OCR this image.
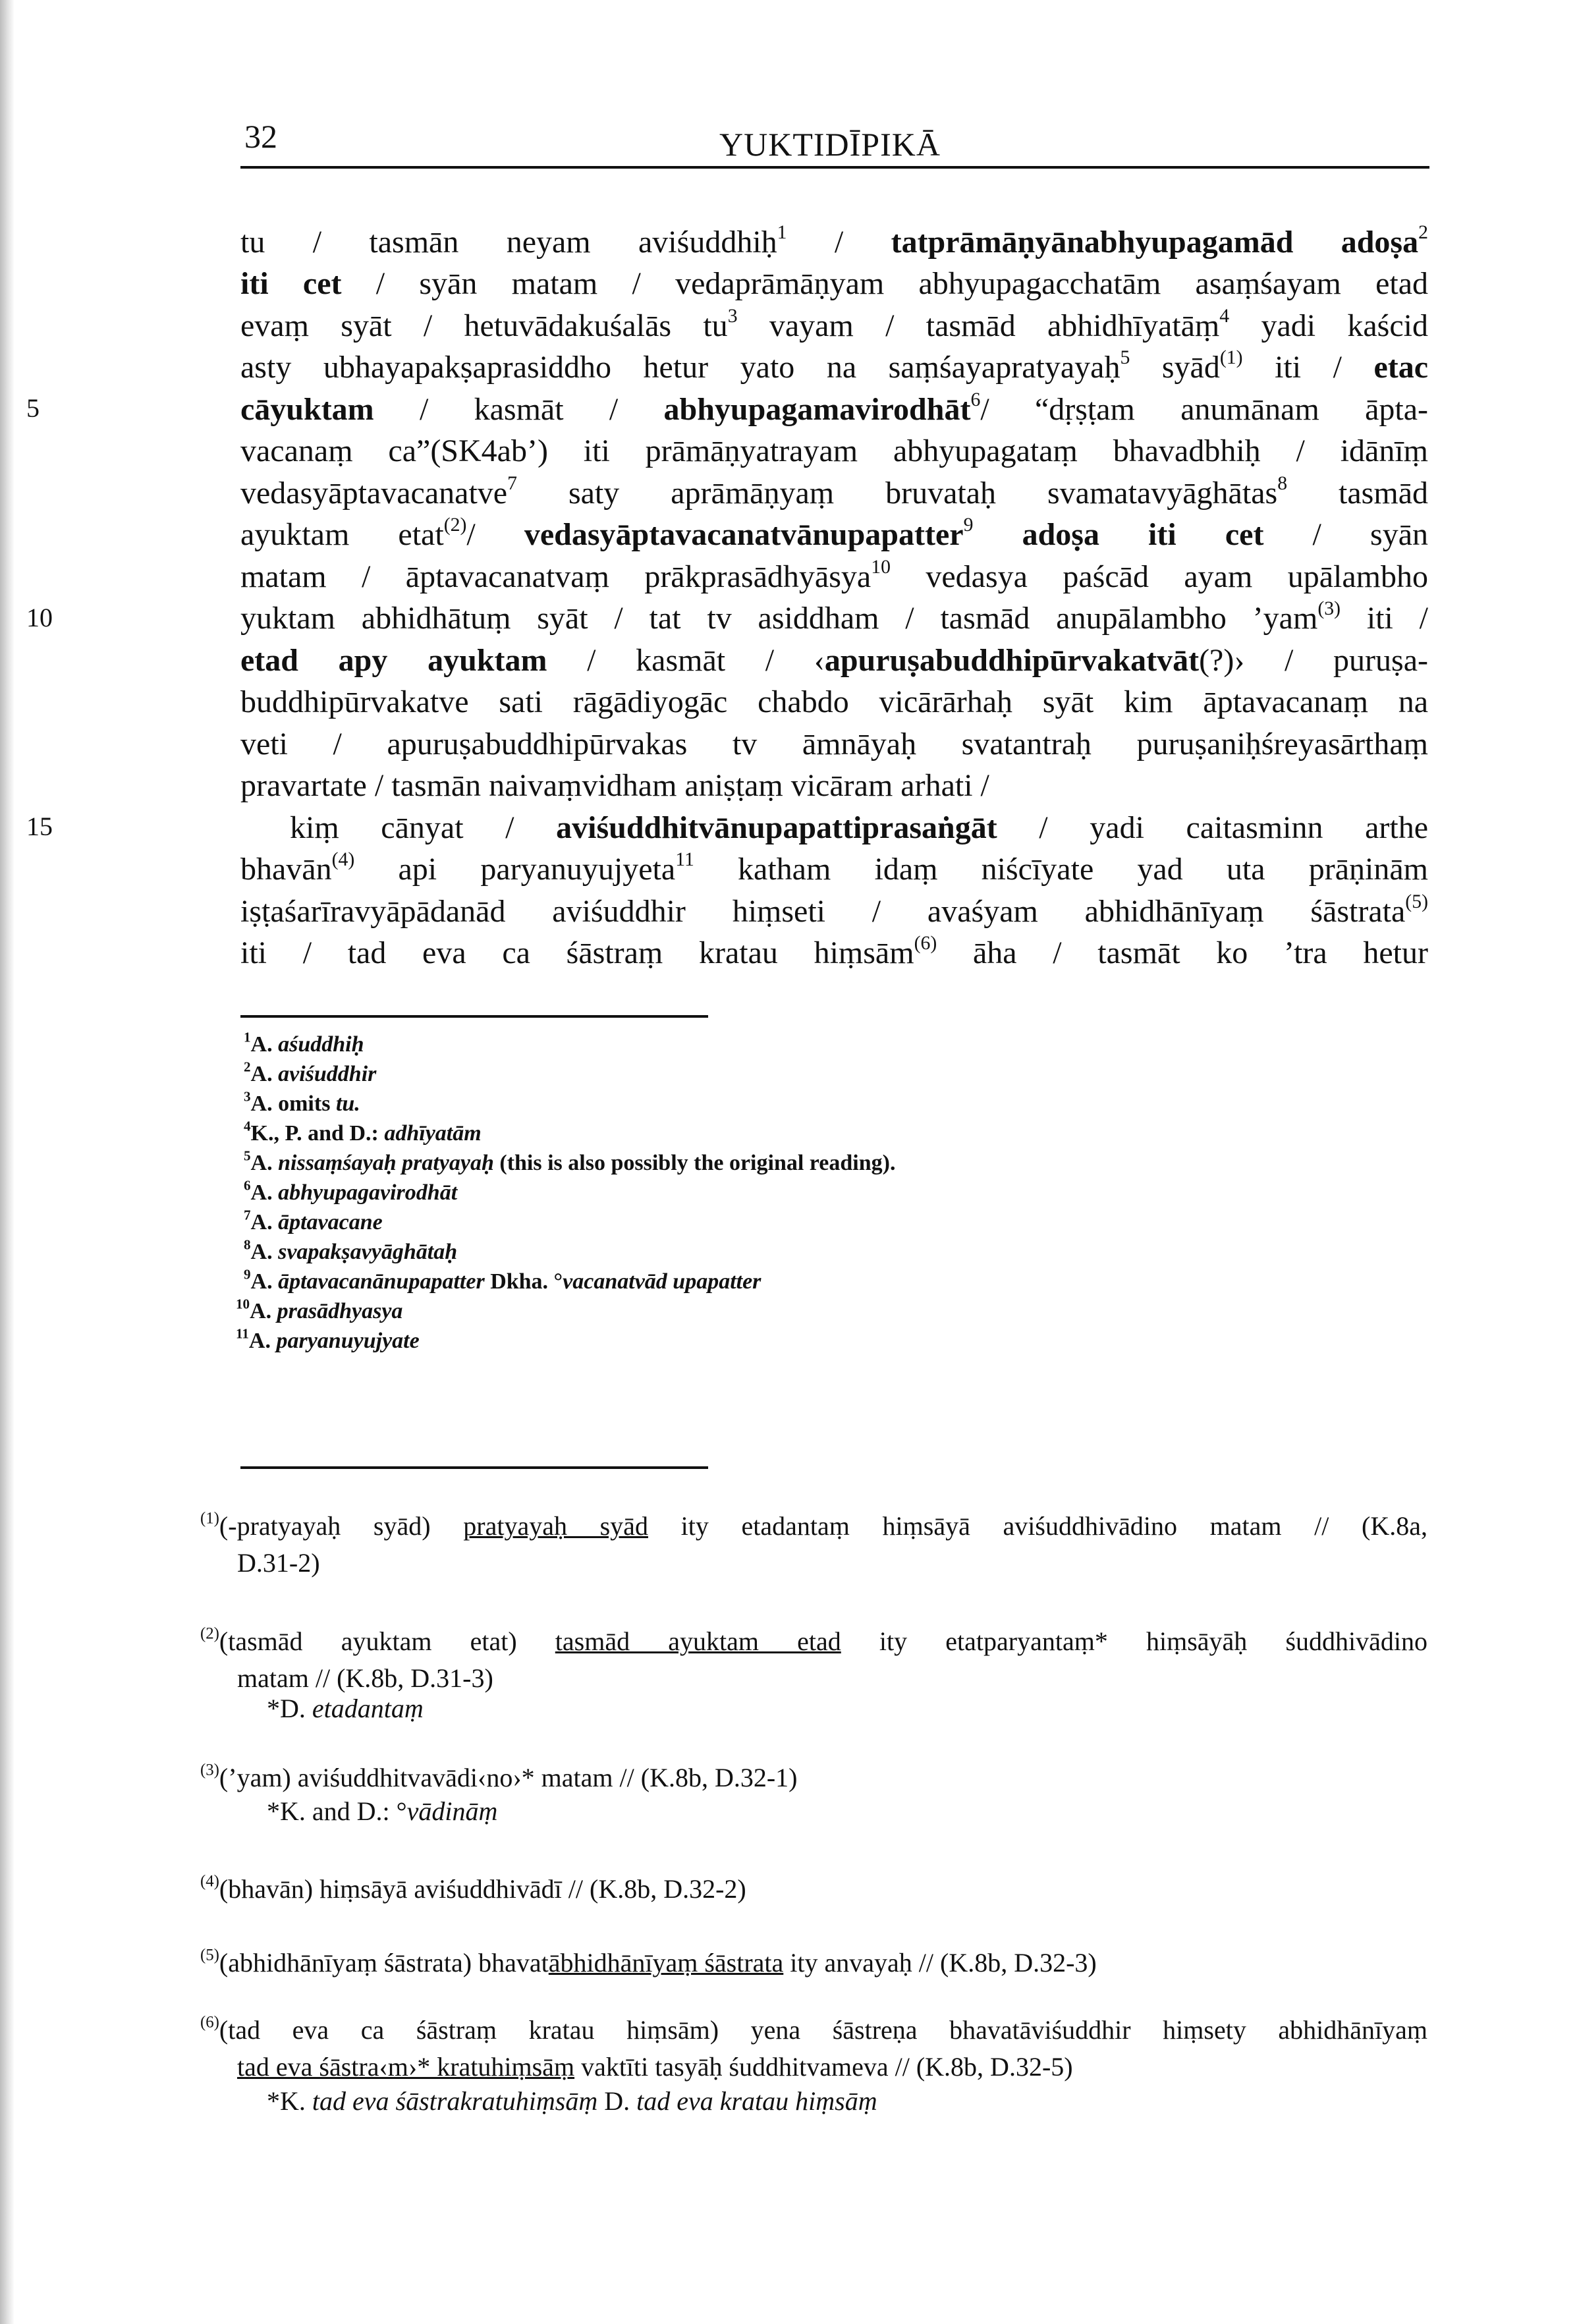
32	YUKTIDĪPIKĀ
5
10
15
tu / tasmān neyam aviśuddhiḥ$^1$ / tatprāmāṇyānabhyupagamād adoṣa$^2$
iti cet / syān matam / vedaprāmāṇyam abhyupagacchatām asaṃśayam etad
evaṃ syāt / hetuvādakuśalās $tu^3$ vayam / tasmād abhidhīyatāṃ$^4$ yadi kaścid
asty ubhayapakṣaprasiddho hetur yato na saṃśayapratyayaḥ$^5$ syād$^{(1)}$ iti / etac
cāyuktam / kasmāt / abhyupagamavirodhāt$^6$/ “dṛṣṭam anumānam āpta-
vacanaṃ ca”(SK4ab’) iti prāmāṇyatrayam abhyupagataṃ bhavadbhiḥ / idānīṃ
vedasyāptavacanatve$^7$ saty aprāmāṇyaṃ bruvataḥ svamatavyāghātas$^8$ tasmād
ayuktam etat$^{(2)}$/ vedasyāptavacanatvānupapatter$^9$ adoṣa iti cet / syān
matam / āptavacanatvaṃ prākprasādhyāsya$^{10}$ vedasya paścād ayam upālambho
yuktam abhidhātuṃ syāt / tat tv asiddham / tasmād anupālambho ’yam$^{(3)}$ iti /
etad apy ayuktam / kasmāt / ‹apuruṣabuddhipūrvakatvāt(?)› / puruṣa-
buddhipūrvakatve sati rāgādiyogāc chabdo vicārārhaḥ syāt kim āptavacanaṃ na
veti / apuruṣabuddhipūrvakas tv āmnāyaḥ svatantraḥ puruṣaniḥśreyasārthaṃ
pravartate / tasmān naivaṃvidham aniṣṭaṃ vicāram arhati /
kiṃ cānyat / aviśuddhitvānupapattiprasaṅgāt / yadi caitasminn arthe
bhavān$^{(4)}$ api paryanuyujyeta$^{11}$ katham idaṃ niścīyate yad uta prāṇinām
iṣṭaśarīravyāpādanād aviśuddhir hiṃseti / avaśyam abhidhānīyaṃ śāstrata$^{(5)}$
iti / tad eva ca śāstraṃ kratau hiṃsām$^{(6)}$ āha / tasmāt ko ’tra hetur
$^1$A. aśuddhiḥ
$^2$A. aviśuddhir
$^3$A. omits tu.
$^4$K., P. and D.: adhīyatām
$^5$A. nissaṃśayaḥ pratyayaḥ (this is also possibly the original reading).
$^6$A. abhyupagavirodhāt
$^7$A. āptavacane
$^8$A. svapakṣavyāghātaḥ
$^9$A. āptavacanānupapatter Dkha. °vacanatvād upapatter
$^{10}$A. prasādhyasya
$^{11}$A. paryanuyujyate
$^{(1)}$(-pratyayaḥ syād) pratyayaḥ syād ity etadantaṃ hiṃsāyā aviśuddhivādino matam // (K.8a,
D.31-2)
$^{(2)}$(tasmād ayuktam etat) tasmād ayuktam etad ity etatparyantaṃ* hiṃsāyāḥ śuddhivādino
matam // (K.8b, D.31-3)
*D. etadantaṃ
$^{(3)}$(’yam) aviśuddhitvavādi‹no›* matam // (K.8b, D.32-1)
*K. and D.: °vādināṃ
$^{(4)}$(bhavān) hiṃsāyā aviśuddhivādī // (K.8b, D.32-2)
$^{(5)}$(abhidhānīyaṃ śāstrata) bhavatābhidhānīyaṃ śāstrata ity anvayaḥ // (K.8b, D.32-3)
$^{(6)}$(tad eva ca śāstraṃ kratau hiṃsām) yena śāstreṇa bhavatāviśuddhir hiṃsety abhidhānīyaṃ
tad eva śāstra‹m›* kratuhiṃsāṃ vaktīti tasyāḥ śuddhitvameva // (K.8b, D.32-5)
*K. tad eva śāstrakratuhiṃsāṃ D. tad eva kratau hiṃsāṃ
